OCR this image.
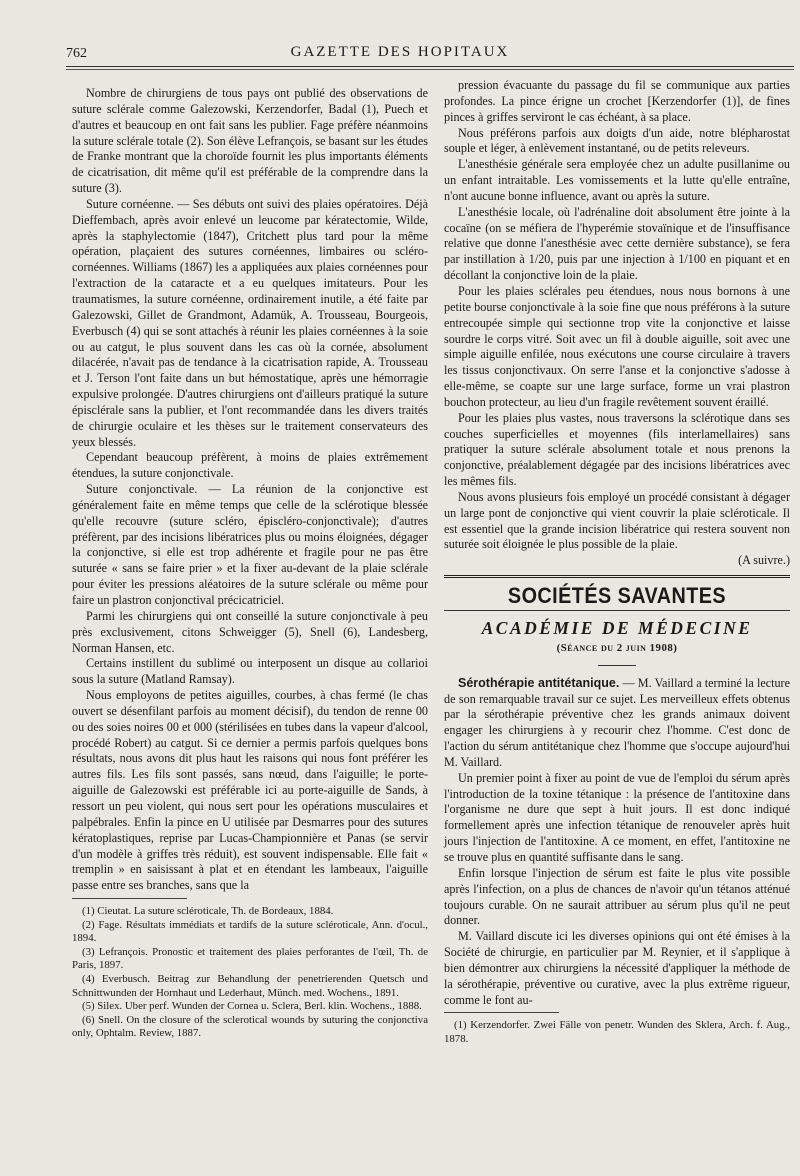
762	GAZETTE DES HOPITAUX

Nombre de chirurgiens de tous pays ont publié des observations de suture sclérale comme Galezowski, Kerzendorfer, Badal (1), Puech et d'autres et beaucoup en ont fait sans les publier. Fage préfère néanmoins la suture sclérale totale (2). Son élève Lefrançois, se basant sur les études de Franke montrant que la choroïde fournit les plus importants éléments de cicatrisation, dit même qu'il est préférable de la comprendre dans la suture (3).

Suture cornéenne. — Ses débuts ont suivi des plaies opératoires. Déjà Dieffembach, après avoir enlevé un leucome par kératectomie, Wilde, après la staphylectomie (1847), Critchett plus tard pour la même opération, plaçaient des sutures cornéennes, limbaires ou scléro-cornéennes. Williams (1867) les a appliquées aux plaies cornéennes pour l'extraction de la cataracte et a eu quelques imitateurs. Pour les traumatismes, la suture cornéenne, ordinairement inutile, a été faite par Galezowski, Gillet de Grandmont, Adamük, A. Trousseau, Bourgeois, Everbusch (4) qui se sont attachés à réunir les plaies cornéennes à la soie ou au catgut, le plus souvent dans les cas où la cornée, absolument dilacérée, n'avait pas de tendance à la cicatrisation rapide, A. Trousseau et J. Terson l'ont faite dans un but hémostatique, après une hémorragie expulsive prolongée. D'autres chirurgiens ont d'ailleurs pratiqué la suture épisclérale sans la publier, et l'ont recommandée dans les divers traités de chirurgie oculaire et les thèses sur le traitement conservateurs des yeux blessés.

Cependant beaucoup préfèrent, à moins de plaies extrêmement étendues, la suture conjonctivale.

Suture conjonctivale. — La réunion de la conjonctive est généralement faite en même temps que celle de la sclérotique blessée qu'elle recouvre (suture scléro, épiscléro-conjonctivale); d'autres préfèrent, par des incisions libératrices plus ou moins éloignées, dégager la conjonctive, si elle est trop adhérente et fragile pour ne pas être suturée « sans se faire prier » et la fixer au-devant de la plaie sclérale pour éviter les pressions aléatoires de la suture sclérale ou même pour faire un plastron conjonctival précicatriciel.

Parmi les chirurgiens qui ont conseillé la suture conjonctivale à peu près exclusivement, citons Schweigger (5), Snell (6), Landesberg, Norman Hansen, etc.

Certains instillent du sublimé ou interposent un disque au collarioi sous la suture (Matland Ramsay).

Nous employons de petites aiguilles, courbes, à chas fermé (le chas ouvert se désenfilant parfois au moment décisif), du tendon de renne 00 ou des soies noires 00 et 000 (stérilisées en tubes dans la vapeur d'alcool, procédé Robert) au catgut. Si ce dernier a permis parfois quelques bons résultats, nous avons dit plus haut les raisons qui nous font préférer les autres fils. Les fils sont passés, sans nœud, dans l'aiguille; le porte-aiguille de Galezowski est préférable ici au porte-aiguille de Sands, à ressort un peu violent, qui nous sert pour les opérations musculaires et palpébrales. Enfin la pince en U utilisée par Desmarres pour des sutures kératoplastiques, reprise par Lucas-Championnière et Panas (se servir d'un modèle à griffes très réduit), est souvent indispensable. Elle fait « tremplin » en saisissant à plat et en étendant les lambeaux, l'aiguille passe entre ses branches, sans que la

(1) Cieutat. La suture scléroticale, Th. de Bordeaux, 1884.

(2) Fage. Résultats immédiats et tardifs de la suture scléroticale, Ann. d'ocul., 1894.

(3) Lefrançois. Pronostic et traitement des plaies perforantes de l'œil, Th. de Paris, 1897.

(4) Everbusch. Beitrag zur Behandlung der penetrierenden Quetsch und Schnittwunden der Hornhaut und Lederhaut, Münch. med. Wochens., 1891.

(5) Silex. Uber perf. Wunden der Cornea u. Sclera, Berl. klin. Wochens., 1888.

(6) Snell. On the closure of the sclerotical wounds by suturing the conjonctiva only, Ophtalm. Review, 1887.

pression évacuante du passage du fil se communique aux parties profondes. La pince érigne un crochet [Kerzendorfer (1)], de fines pinces à griffes serviront le cas échéant, à sa place.

Nous préférons parfois aux doigts d'un aide, notre blépharostat souple et léger, à enlèvement instantané, ou de petits releveurs.

L'anesthésie générale sera employée chez un adulte pusillanime ou un enfant intraitable. Les vomissements et la lutte qu'elle entraîne, n'ont aucune bonne influence, avant ou après la suture.

L'anesthésie locale, où l'adrénaline doit absolument être jointe à la cocaïne (on se méfiera de l'hyperémie stovaïnique et de l'insuffisance relative que donne l'anesthésie avec cette dernière substance), se fera par instillation à 1/20, puis par une injection à 1/100 en piquant et en décollant la conjonctive loin de la plaie.

Pour les plaies sclérales peu étendues, nous nous bornons à une petite bourse conjonctivale à la soie fine que nous préférons à la suture entrecoupée simple qui sectionne trop vite la conjonctive et laisse sourdre le corps vitré. Soit avec un fil à double aiguille, soit avec une simple aiguille enfilée, nous exécutons une course circulaire à travers les tissus conjonctivaux. On serre l'anse et la conjonctive s'adosse à elle-même, se coapte sur une large surface, forme un vrai plastron bouchon protecteur, au lieu d'un fragile revêtement souvent éraillé.

Pour les plaies plus vastes, nous traversons la sclérotique dans ses couches superficielles et moyennes (fils interlamellaires) sans pratiquer la suture sclérale absolument totale et nous prenons la conjonctive, préalablement dégagée par des incisions libératrices avec les mêmes fils.

Nous avons plusieurs fois employé un procédé consistant à dégager un large pont de conjonctive qui vient couvrir la plaie scléroticale. Il est essentiel que la grande incision libératrice qui restera souvent non suturée soit éloignée le plus possible de la plaie.

(A suivre.)
SOCIÉTÉS SAVANTES
ACADÉMIE DE MÉDECINE
(Séance du 2 juin 1908)

Sérothérapie antitétanique. — M. Vaillard a terminé la lecture de son remarquable travail sur ce sujet. Les merveilleux effets obtenus par la sérothérapie préventive chez les grands animaux doivent engager les chirurgiens à y recourir chez l'homme. C'est donc de l'action du sérum antitétanique chez l'homme que s'occupe aujourd'hui M. Vaillard.

Un premier point à fixer au point de vue de l'emploi du sérum après l'introduction de la toxine tétanique : la présence de l'antitoxine dans l'organisme ne dure que sept à huit jours. Il est donc indiqué formellement après une infection tétanique de renouveler après huit jours l'injection de l'antitoxine. A ce moment, en effet, l'antitoxine ne se trouve plus en quantité suffisante dans le sang.

Enfin lorsque l'injection de sérum est faite le plus vite possible après l'infection, on a plus de chances de n'avoir qu'un tétanos atténué toujours curable. On ne saurait attribuer au sérum plus qu'il ne peut donner.

M. Vaillard discute ici les diverses opinions qui ont été émises à la Société de chirurgie, en particulier par M. Reynier, et il s'applique à bien démontrer aux chirurgiens la nécessité d'appliquer la méthode de la sérothérapie, préventive ou curative, avec la plus extrême rigueur, comme le font au-

(1) Kerzendorfer. Zwei Fälle von penetr. Wunden des Sklera, Arch. f. Aug., 1878.
